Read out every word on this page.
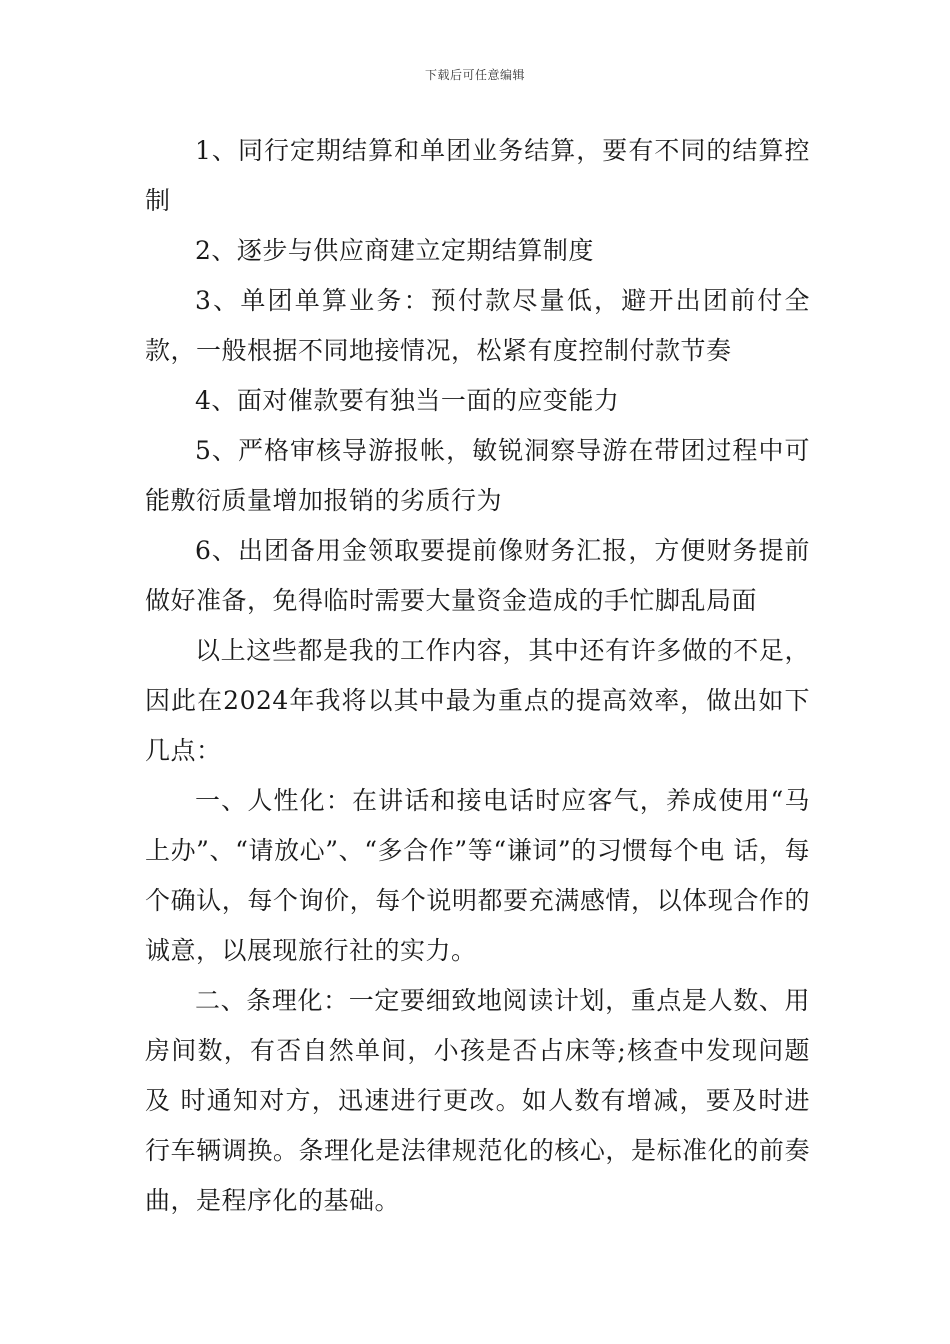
下载后可任意编辑

1、同行定期结算和单团业务结算，要有不同的结算控制

2、逐步与供应商建立定期结算制度

3、单团单算业务：预付款尽量低，避开出团前付全款，一般根据不同地接情况，松紧有度控制付款节奏

4、面对催款要有独当一面的应变能力

5、严格审核导游报帐，敏锐洞察导游在带团过程中可能敷衍质量增加报销的劣质行为

6、出团备用金领取要提前像财务汇报，方便财务提前做好准备，免得临时需要大量资金造成的手忙脚乱局面

以上这些都是我的工作内容，其中还有许多做的不足，因此在2024年我将以其中最为重点的提高效率，做出如下几点：

一、人性化：在讲话和接电话时应客气，养成使用“马上办”、“请放心”、“多合作”等“谦词”的习惯每个电 话，每个确认，每个询价，每个说明都要充满感情，以体现合作的诚意，以展现旅行社的实力。

二、条理化：一定要细致地阅读计划，重点是人数、用房间数，有否自然单间，小孩是否占床等;核查中发现问题及 时通知对方，迅速进行更改。如人数有增减，要及时进行车辆调换。条理化是法律规范化的核心，是标准化的前奏曲，是程序化的基础。
